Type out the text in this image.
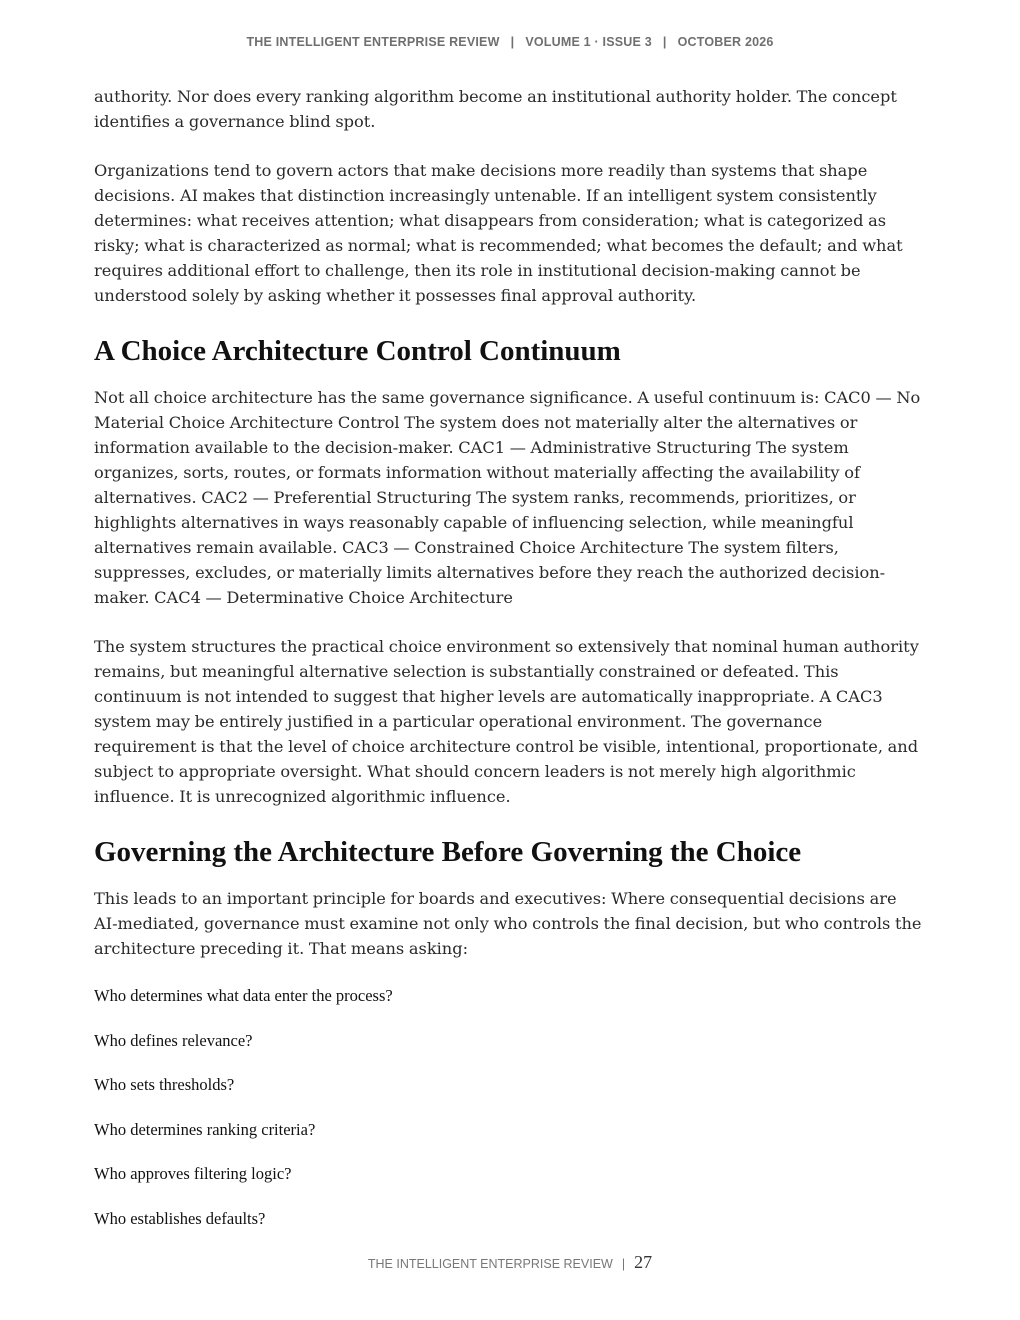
THE INTELLIGENT ENTERPRISE REVIEW   |   VOLUME 1 · ISSUE 3   |   OCTOBER 2026

authority. Nor does every ranking algorithm become an institutional authority holder. The concept identifies a governance blind spot.

Organizations tend to govern actors that make decisions more readily than systems that shape decisions. AI makes that distinction increasingly untenable. If an intelligent system consistently determines: what receives attention; what disappears from consideration; what is categorized as risky; what is characterized as normal; what is recommended; what becomes the default; and what requires additional effort to challenge, then its role in institutional decision-making cannot be understood solely by asking whether it possesses final approval authority.

A Choice Architecture Control Continuum

Not all choice architecture has the same governance significance. A useful continuum is: CAC0 — No Material Choice Architecture Control The system does not materially alter the alternatives or information available to the decision-maker. CAC1 — Administrative Structuring The system organizes, sorts, routes, or formats information without materially affecting the availability of alternatives. CAC2 — Preferential Structuring The system ranks, recommends, prioritizes, or highlights alternatives in ways reasonably capable of influencing selection, while meaningful alternatives remain available. CAC3 — Constrained Choice Architecture The system filters, suppresses, excludes, or materially limits alternatives before they reach the authorized decision-maker. CAC4 — Determinative Choice Architecture

The system structures the practical choice environment so extensively that nominal human authority remains, but meaningful alternative selection is substantially constrained or defeated. This continuum is not intended to suggest that higher levels are automatically inappropriate. A CAC3 system may be entirely justified in a particular operational environment. The governance requirement is that the level of choice architecture control be visible, intentional, proportionate, and subject to appropriate oversight. What should concern leaders is not merely high algorithmic influence. It is unrecognized algorithmic influence.

Governing the Architecture Before Governing the Choice

This leads to an important principle for boards and executives: Where consequential decisions are AI-mediated, governance must examine not only who controls the final decision, but who controls the architecture preceding it. That means asking:

Who determines what data enter the process?
Who defines relevance?
Who sets thresholds?
Who determines ranking criteria?
Who approves filtering logic?
Who establishes defaults?
THE INTELLIGENT ENTERPRISE REVIEW | 27
